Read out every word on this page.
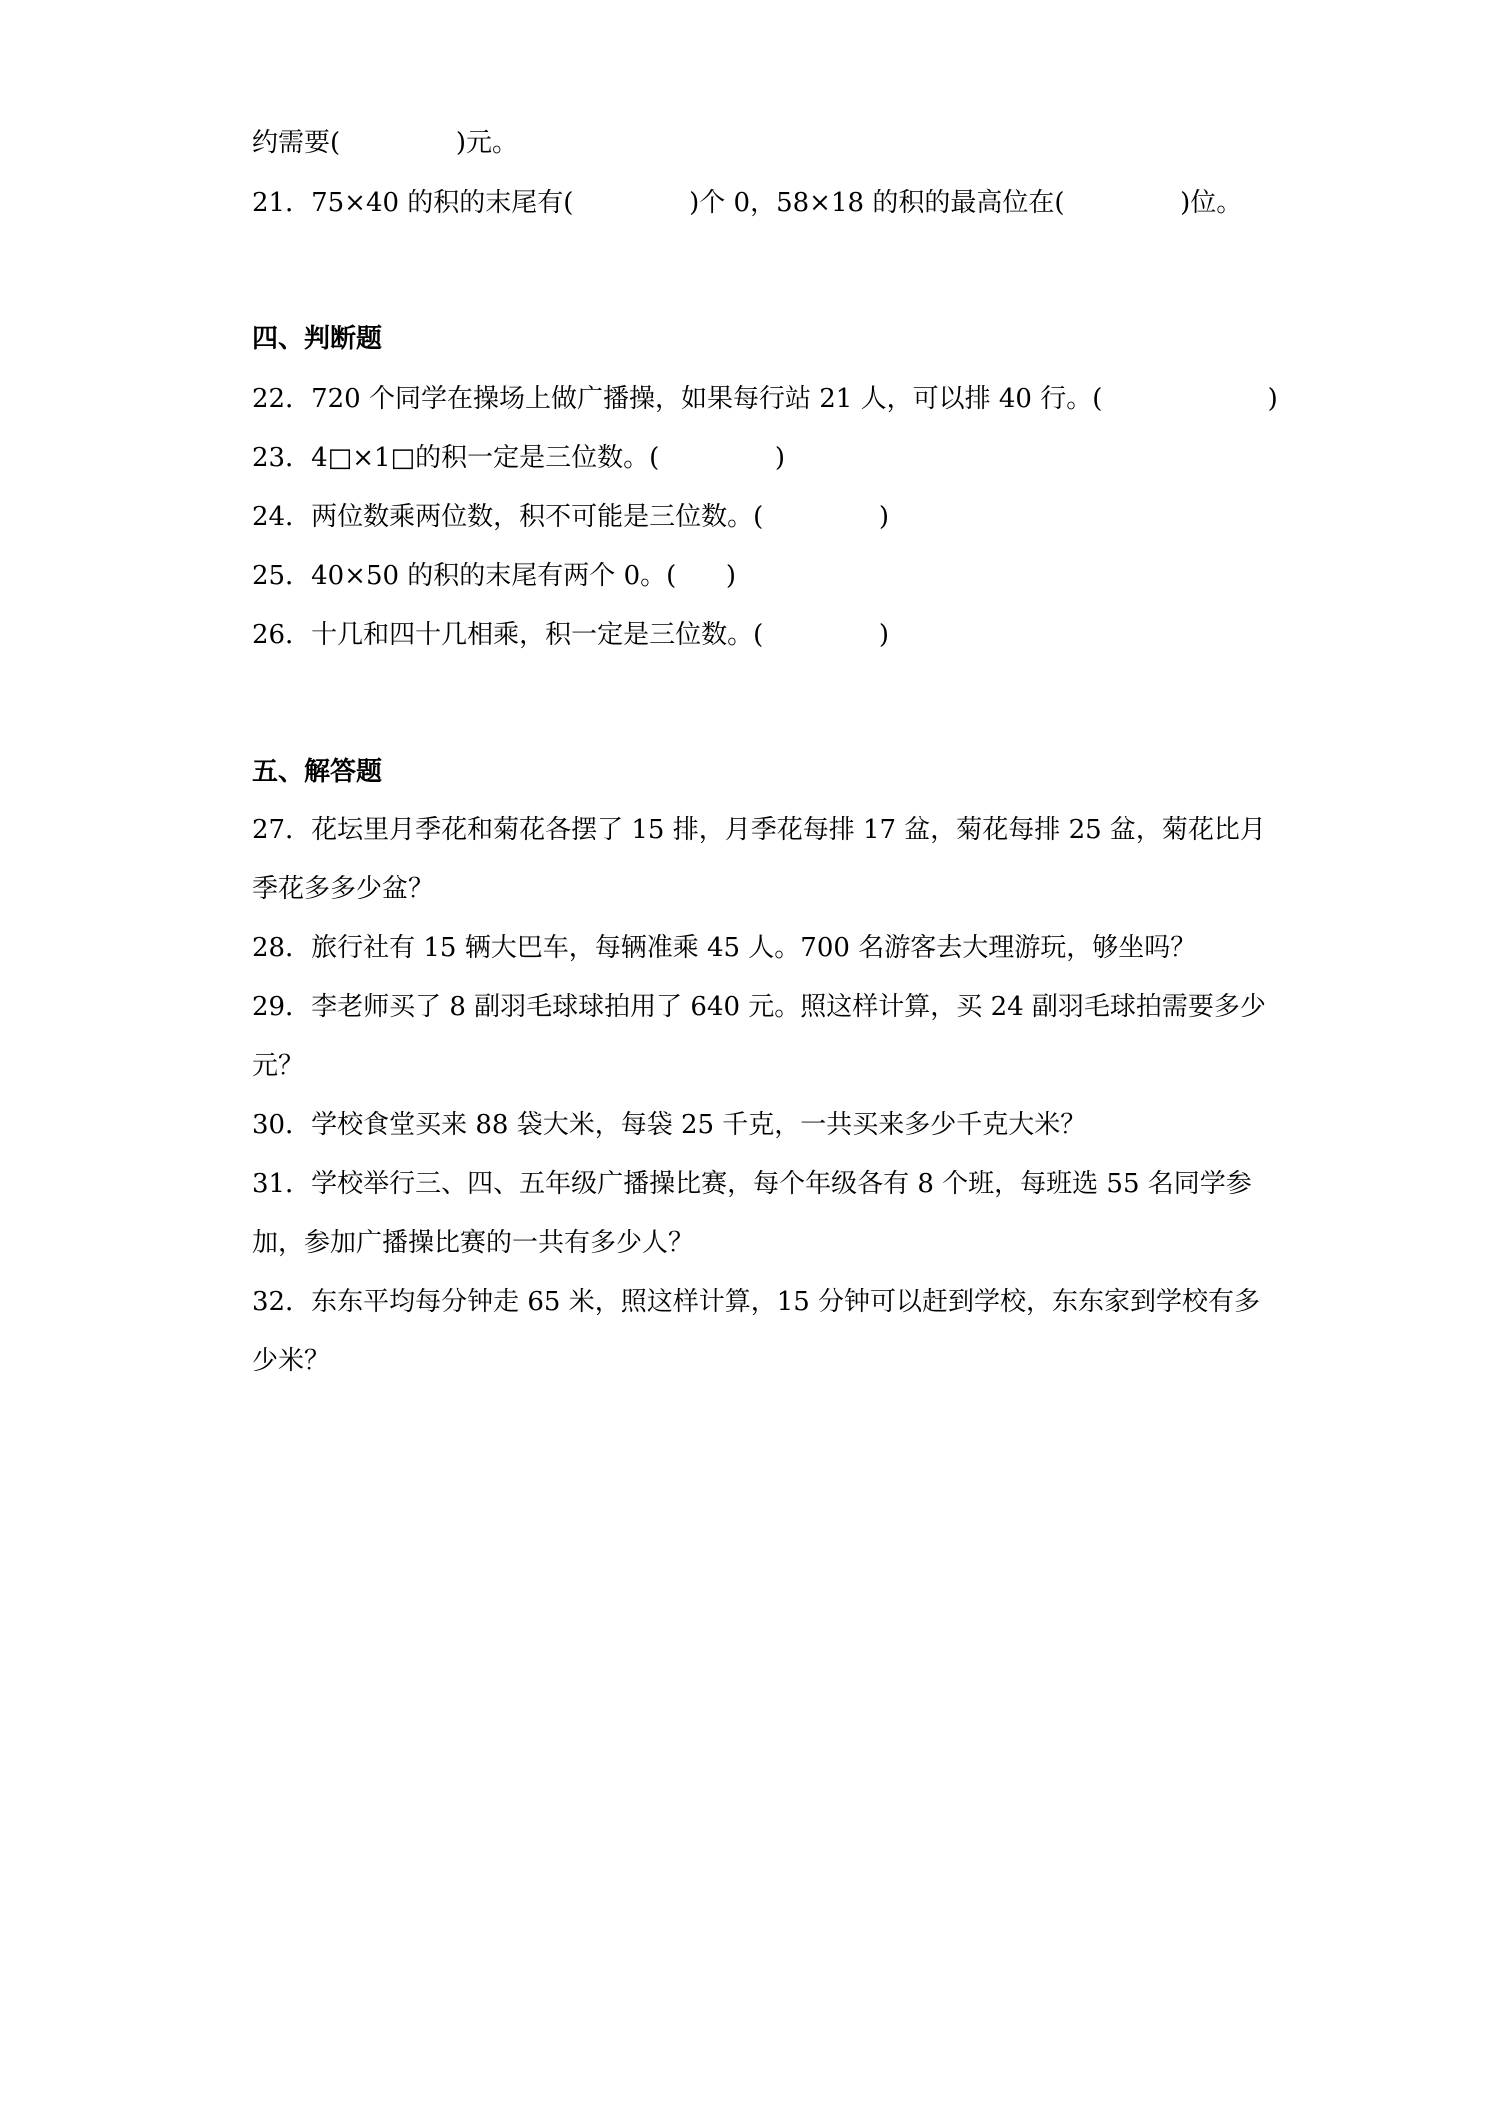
约需要(              )元。

21．75×40 的积的末尾有(              )个 0，58×18 的积的最高位在(              )位。

四、判断题

22．720 个同学在操场上做广播操，如果每行站 21 人，可以排 40 行。(                    )

23．4□×1□的积一定是三位数。(              )

24．两位数乘两位数，积不可能是三位数。(              )

25．40×50 的积的末尾有两个 0。(      )

26．十几和四十几相乘，积一定是三位数。(              )

五、解答题

27．花坛里月季花和菊花各摆了 15 排，月季花每排 17 盆，菊花每排 25 盆，菊花比月

季花多多少盆？

28．旅行社有 15 辆大巴车，每辆准乘 45 人。700 名游客去大理游玩，够坐吗？

29．李老师买了 8 副羽毛球球拍用了 640 元。照这样计算，买 24 副羽毛球拍需要多少

元？

30．学校食堂买来 88 袋大米，每袋 25 千克，一共买来多少千克大米？

31．学校举行三、四、五年级广播操比赛，每个年级各有 8 个班，每班选 55 名同学参

加，参加广播操比赛的一共有多少人？

32．东东平均每分钟走 65 米，照这样计算，15 分钟可以赶到学校，东东家到学校有多

少米？
